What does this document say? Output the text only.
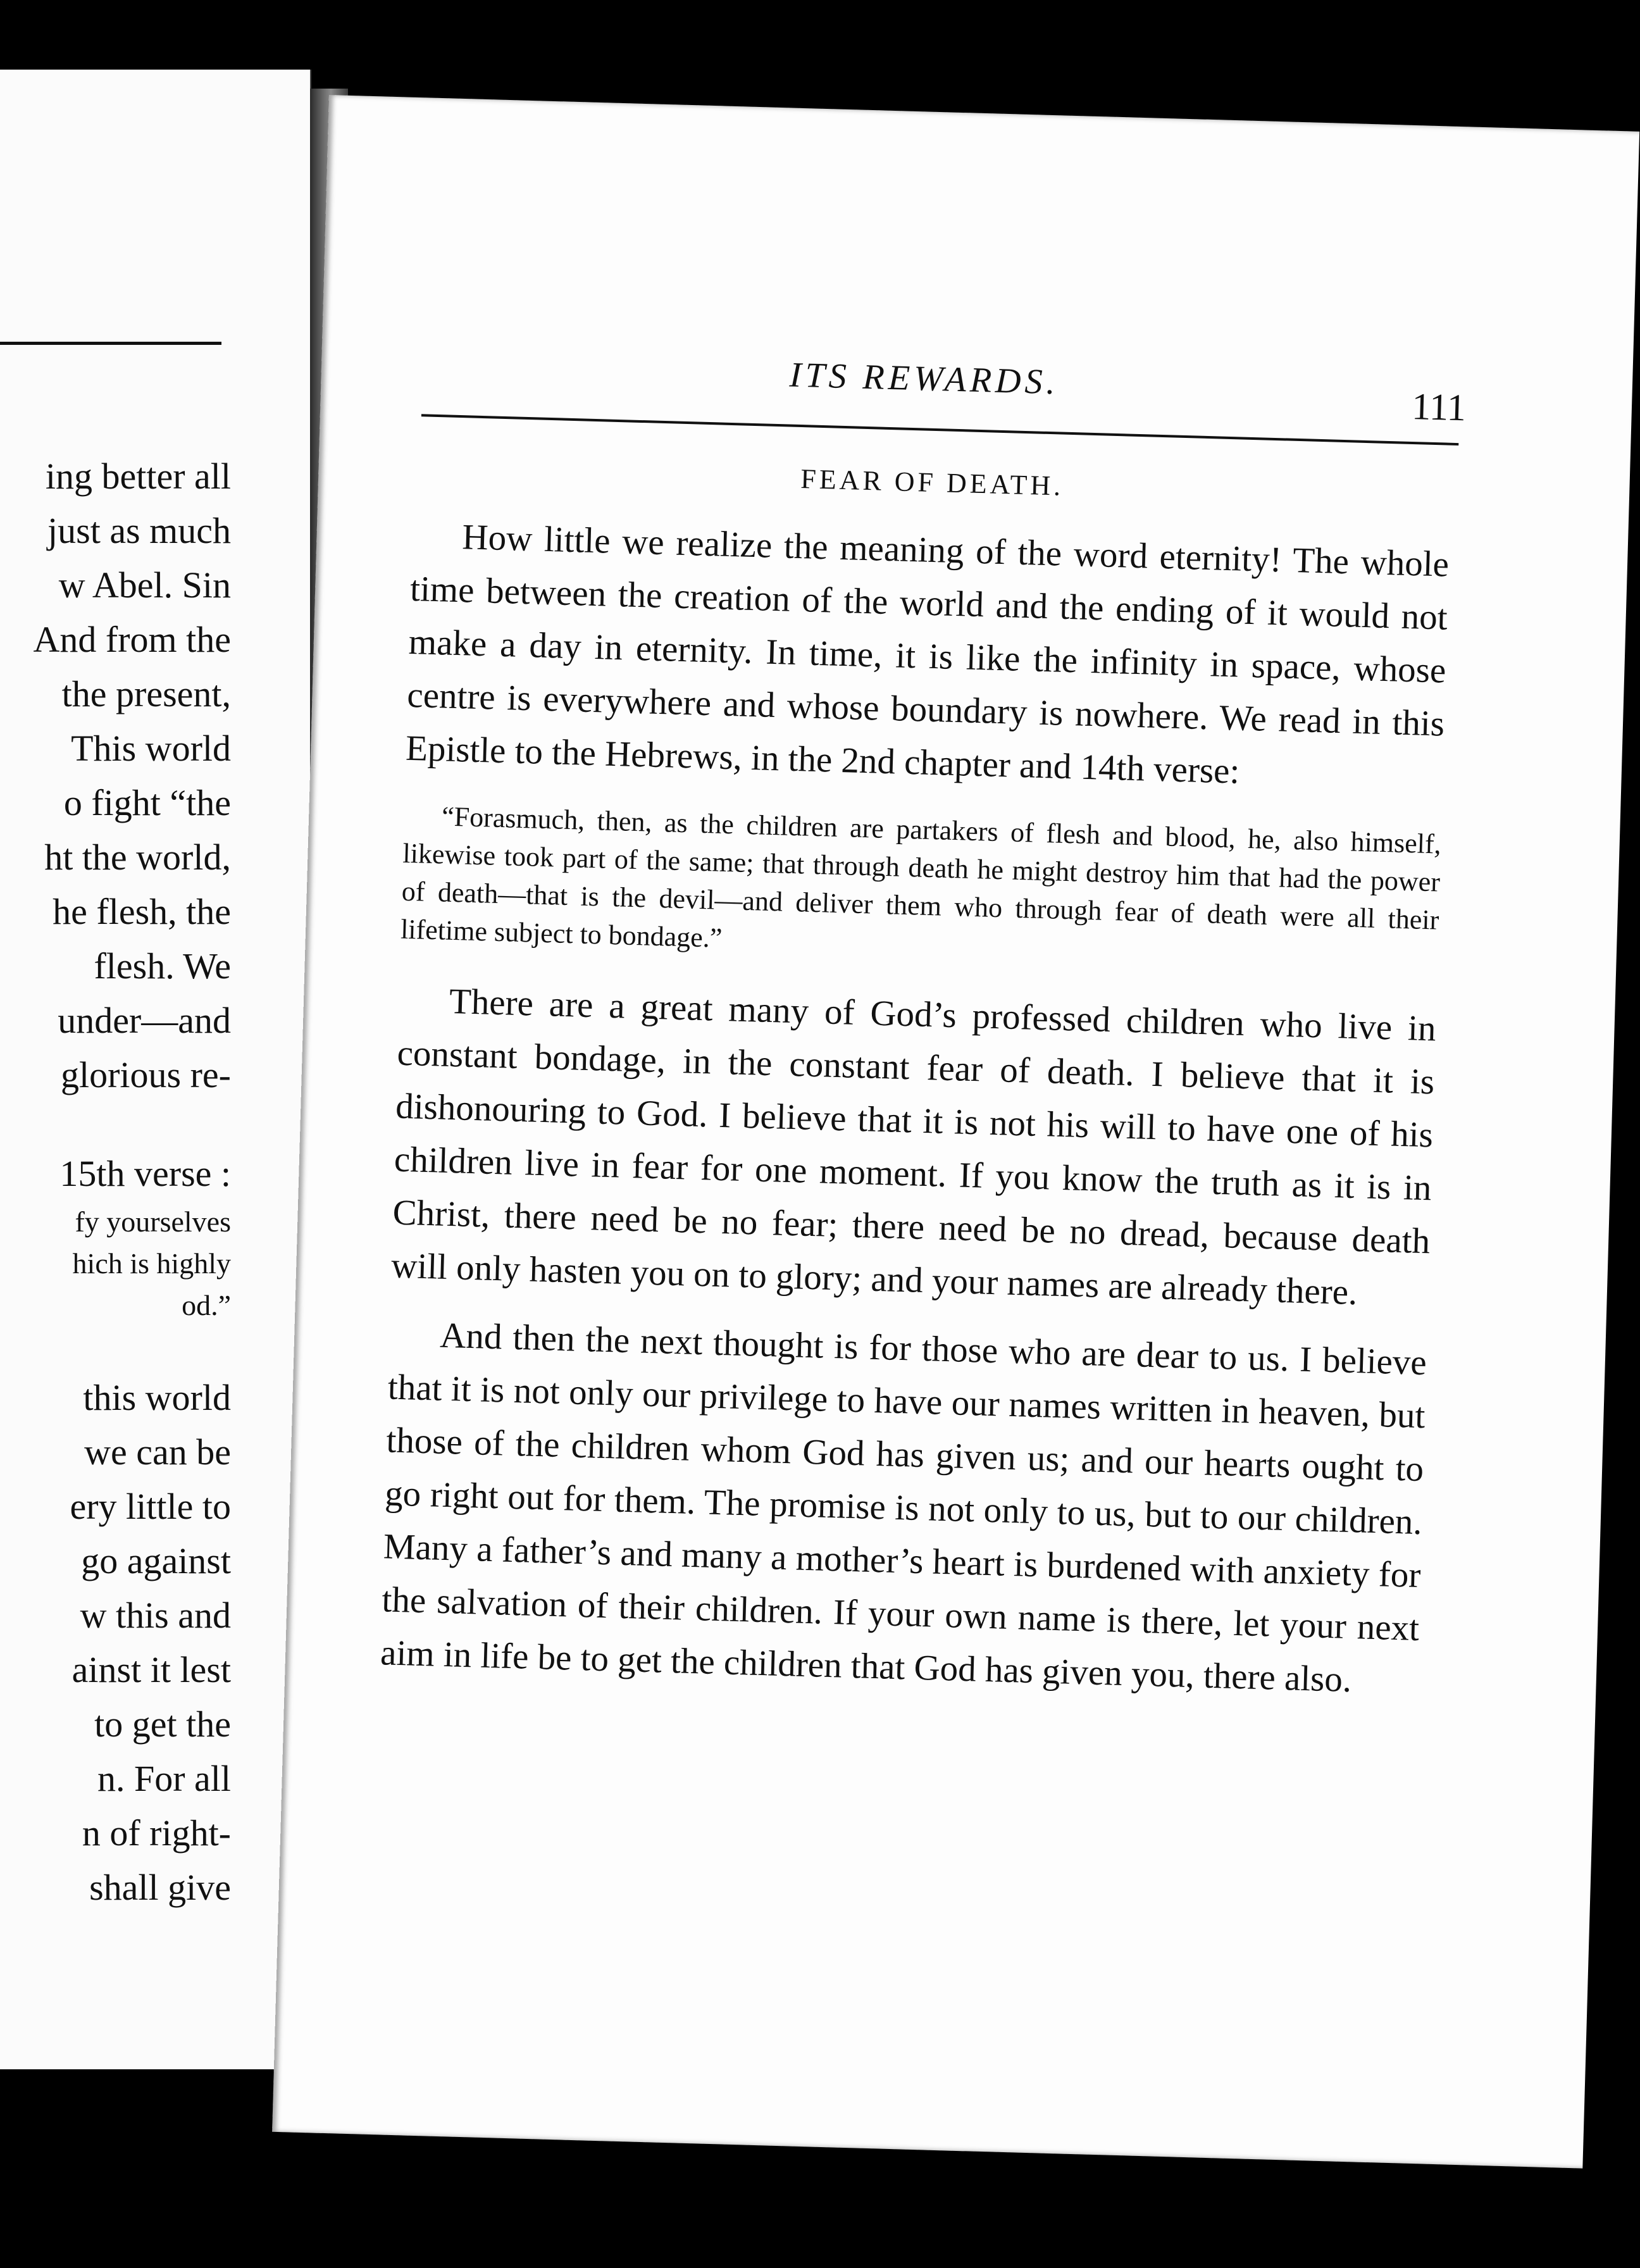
ing better all
just as much
w Abel. Sin
And from the
the present,
This world
o fight “the
ht the world,
he flesh, the
flesh. We
under—and
glorious re-
15th verse :
fy yourselves
hich is highly
od.”
this world
we can be
ery little to
go against
w this and
ainst it lest
to get the
n. For all
n of right-
shall give
ITS REWARDS.
111
FEAR OF DEATH.

How little we realize the meaning of the word eternity! The whole time between the creation of the world and the ending of it would not make a day in eternity. In time, it is like the infinity in space, whose centre is everywhere and whose boundary is nowhere. We read in this Epistle to the Hebrews, in the 2nd chapter and 14th verse:

“Forasmuch, then, as the children are partakers of flesh and blood, he, also himself, likewise took part of the same; that through death he might destroy him that had the power of death—that is the devil—and deliver them who through fear of death were all their lifetime subject to bondage.”

There are a great many of God’s professed children who live in constant bondage, in the constant fear of death. I believe that it is dishonouring to God. I believe that it is not his will to have one of his children live in fear for one moment. If you know the truth as it is in Christ, there need be no fear; there need be no dread, because death will only hasten you on to glory; and your names are already there.

And then the next thought is for those who are dear to us. I believe that it is not only our privilege to have our names written in heaven, but those of the children whom God has given us; and our hearts ought to go right out for them. The promise is not only to us, but to our children. Many a father’s and many a mother’s heart is burdened with anxiety for the salvation of their children. If your own name is there, let your next aim in life be to get the children that God has given you, there also.
